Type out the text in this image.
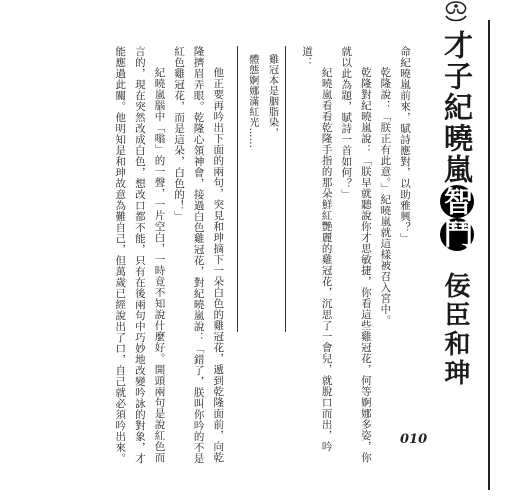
才子紀曉嵐智鬥
佞臣和珅

命紀曉嵐前來，賦詩應對，以助雅興？」

乾隆說：「朕正有此意。」紀曉嵐就這樣被召入宮中。

乾隆對紀曉嵐說：「朕早就聽說你才思敏捷，你看這些雞冠花，何等婀娜多姿，你就以此為題，賦詩一首如何？」

紀曉嵐看看乾隆手指的那朵鮮紅艷麗的雞冠花，沉思了一會兒，就脫口而出，吟道：

雞冠本是胭脂染，
體態婀娜滿紅光……

他正要再吟出下面的兩句，突見和珅摘下一朵白色的雞冠花，遞到乾隆面前，向乾隆擠眉弄眼。乾隆心領神會，接過白色雞冠花，對紀曉嵐說：「錯了，朕叫你吟的不是紅色雞冠花，而是這朵，白色的！」

紀曉嵐腦中「嗡」的一聲，一片空白，一時竟不知說什麼好。開頭兩句是說紅色而言的，現在突然改成白色，想改口都不能，只有在後兩句中巧妙地改變吟詠的對象，才能應過此關。他明知是和珅故意為難自己，但萬歲已經說出了口，自己就必須吟出來。	010
